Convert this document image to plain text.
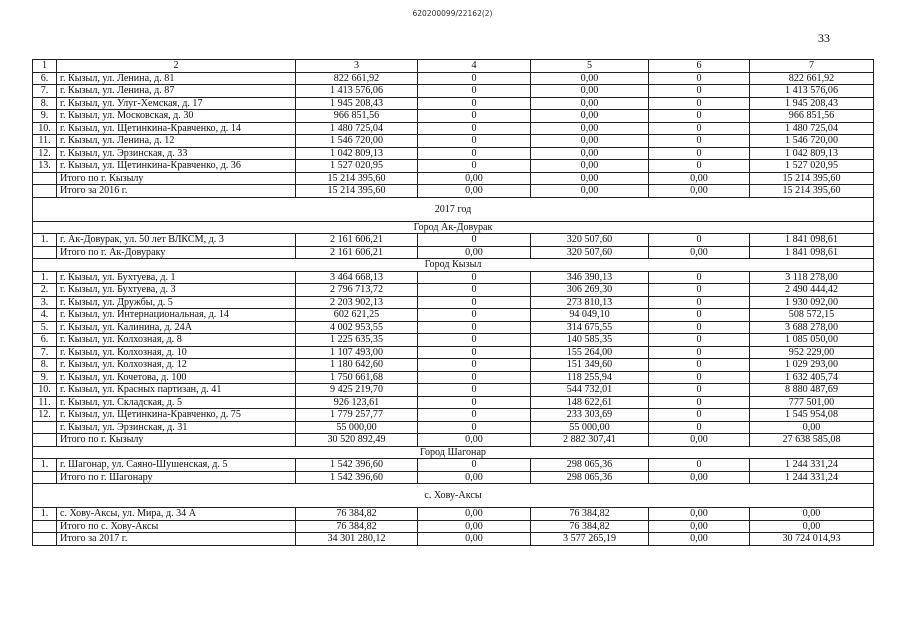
620200099/22162(2)
33
1	2	3	4	5	6	7
6.	г. Кызыл, ул. Ленина, д. 81	822 661,92	0	0,00	0	822 661,92
7.	г. Кызыл, ул. Ленина, д. 87	1 413 576,06	0	0,00	0	1 413 576,06
8.	г. Кызыл, ул. Улуг-Хемская, д. 17	1 945 208,43	0	0,00	0	1 945 208,43
9.	г. Кызыл, ул. Московская, д. 30	966 851,56	0	0,00	0	966 851,56
10.	г. Кызыл, ул. Щетинкина-Кравченко, д. 14	1 480 725,04	0	0,00	0	1 480 725,04
11.	г. Кызыл, ул. Ленина, д. 12	1 546 720,00	0	0,00	0	1 546 720,00
12.	г. Кызыл, ул. Эрзинская, д. 33	1 042 809,13	0	0,00	0	1 042 809,13
13.	г. Кызыл, ул. Щетинкина-Кравченко, д. 36	1 527 020,95	0	0,00	0	1 527 020,95
	Итого по г. Кызылу	15 214 395,60	0,00	0,00	0,00	15 214 395,60
	Итого за 2016 г.	15 214 395,60	0,00	0,00	0,00	15 214 395,60
2017 год						
Город Ак-Довурак						
1.	г. Ак-Довурак, ул. 50 лет ВЛКСМ, д. 3	2 161 606,21	0	320 507,60	0	1 841 098,61
	Итого по г. Ак-Довураку	2 161 606,21	0,00	320 507,60	0,00	1 841 098,61
Город Кызыл						
1.	г. Кызыл, ул. Бухтуева, д. 1	3 464 668,13	0	346 390,13	0	3 118 278,00
2.	г. Кызыл, ул. Бухтуева, д. 3	2 796 713,72	0	306 269,30	0	2 490 444,42
3.	г. Кызыл, ул. Дружбы, д. 5	2 203 902,13	0	273 810,13	0	1 930 092,00
4.	г. Кызыл, ул. Интернациональная, д. 14	602 621,25	0	94 049,10	0	508 572,15
5.	г. Кызыл, ул. Калинина, д. 24А	4 002 953,55	0	314 675,55	0	3 688 278,00
6.	г. Кызыл, ул. Колхозная, д. 8	1 225 635,35	0	140 585,35	0	1 085 050,00
7.	г. Кызыл, ул. Колхозная, д. 10	1 107 493,00	0	155 264,00	0	952 229,00
8.	г. Кызыл, ул. Колхозная, д. 12	1 180 642,60	0	151 349,60	0	1 029 293,00
9.	г. Кызыл, ул. Кочетова, д. 100	1 750 661,68	0	118 255,94	0	1 632 405,74
10.	г. Кызыл, ул. Красных партизан, д. 41	9 425 219,70	0	544 732,01	0	8 880 487,69
11.	г. Кызыл, ул. Складская, д. 5	926 123,61	0	148 622,61	0	777 501,00
12.	г. Кызыл, ул. Щетинкина-Кравченко, д. 75	1 779 257,77	0	233 303,69	0	1 545 954,08
	г. Кызыл, ул. Эрзинская, д. 31	55 000,00	0	55 000,00	0	0,00
	Итого по г. Кызылу	30 520 892,49	0,00	2 882 307,41	0,00	27 638 585,08
Город Шагонар						
1.	г. Шагонар, ул. Саяно-Шушенская, д. 5	1 542 396,60	0	298 065,36	0	1 244 331,24
	Итого по г. Шагонару	1 542 396,60	0,00	298 065,36	0,00	1 244 331,24
с. Хову-Аксы						
1.	с. Хову-Аксы, ул. Мира, д. 34 А	76 384,82	0,00	76 384,82	0,00	0,00
	Итого по с. Хову-Аксы	76 384,82	0,00	76 384,82	0,00	0,00
	Итого за 2017 г.	34 301 280,12	0,00	3 577 265,19	0,00	30 724 014,93
